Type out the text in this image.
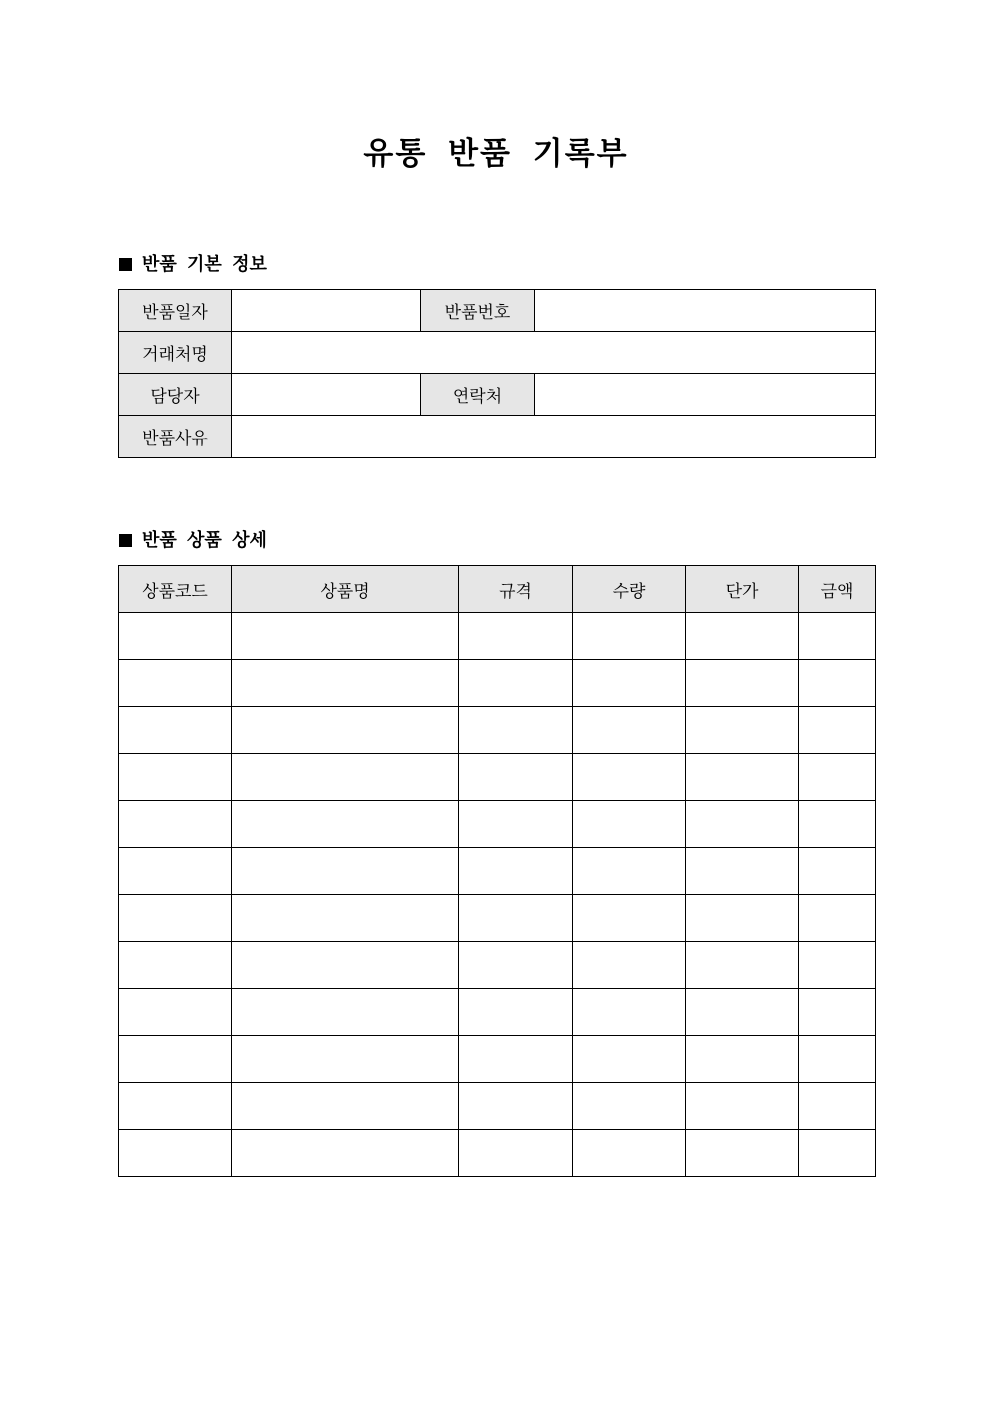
유통 반품 기록부
반품 기본 정보
반품일자		반품번호	
거래처명			
담당자		연락처	
반품사유			
반품 상품 상세
상품코드	상품명	규격	수량	단가	금액
